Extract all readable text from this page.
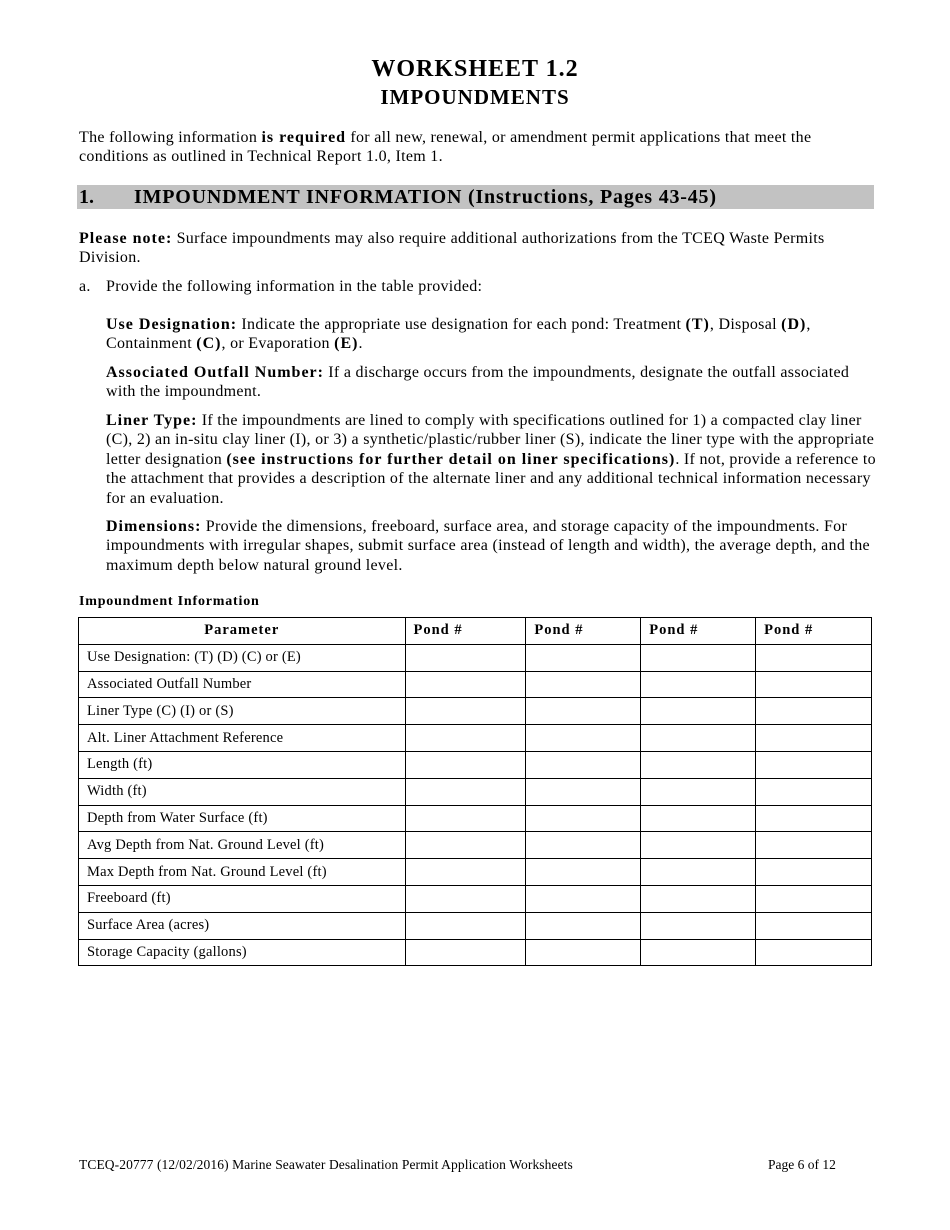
WORKSHEET 1.2
IMPOUNDMENTS
The following information is required for all new, renewal, or amendment permit applications that meet the conditions as outlined in Technical Report 1.0, Item 1.
1. IMPOUNDMENT INFORMATION (Instructions, Pages 43-45)
Please note: Surface impoundments may also require additional authorizations from the TCEQ Waste Permits Division.
a. Provide the following information in the table provided:
Use Designation: Indicate the appropriate use designation for each pond: Treatment (T), Disposal (D), Containment (C), or Evaporation (E).
Associated Outfall Number: If a discharge occurs from the impoundments, designate the outfall associated with the impoundment.
Liner Type: If the impoundments are lined to comply with specifications outlined for 1) a compacted clay liner (C), 2) an in-situ clay liner (I), or 3) a synthetic/plastic/rubber liner (S), indicate the liner type with the appropriate letter designation (see instructions for further detail on liner specifications). If not, provide a reference to the attachment that provides a description of the alternate liner and any additional technical information necessary for an evaluation.
Dimensions: Provide the dimensions, freeboard, surface area, and storage capacity of the impoundments. For impoundments with irregular shapes, submit surface area (instead of length and width), the average depth, and the maximum depth below natural ground level.
Impoundment Information
Parameter	Pond #	Pond #	Pond #	Pond #
Use Designation: (T) (D) (C) or (E)				
Associated Outfall Number				
Liner Type (C) (I) or (S)				
Alt. Liner Attachment Reference				
Length (ft)				
Width (ft)				
Depth from Water Surface (ft)				
Avg Depth from Nat. Ground Level (ft)				
Max Depth from Nat. Ground Level (ft)				
Freeboard (ft)				
Surface Area (acres)				
Storage Capacity (gallons)				
TCEQ-20777 (12/02/2016) Marine Seawater Desalination Permit Application Worksheets	Page 6 of 12
